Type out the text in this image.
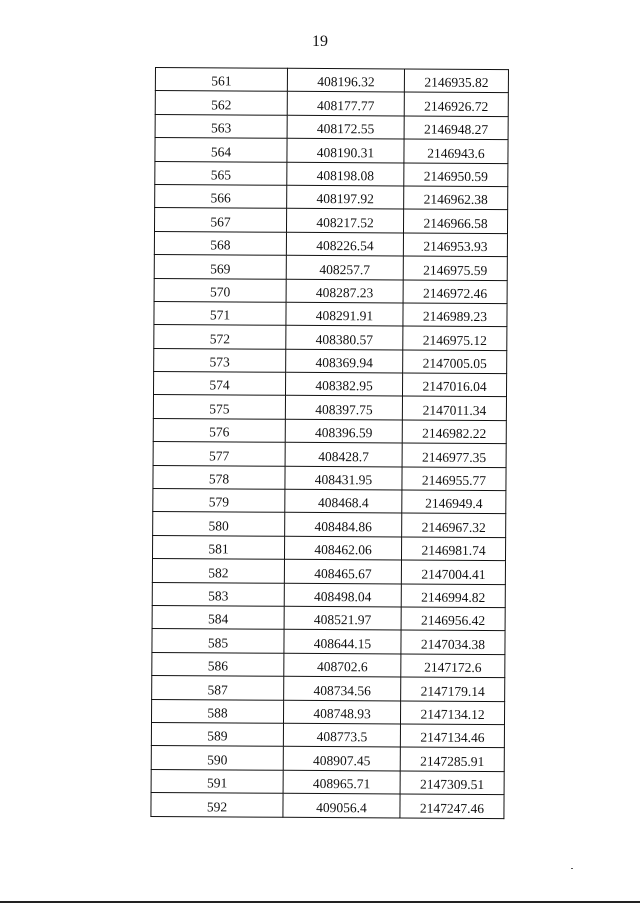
19
561	408196.32	2146935.82
562	408177.77	2146926.72
563	408172.55	2146948.27
564	408190.31	2146943.6
565	408198.08	2146950.59
566	408197.92	2146962.38
567	408217.52	2146966.58
568	408226.54	2146953.93
569	408257.7	2146975.59
570	408287.23	2146972.46
571	408291.91	2146989.23
572	408380.57	2146975.12
573	408369.94	2147005.05
574	408382.95	2147016.04
575	408397.75	2147011.34
576	408396.59	2146982.22
577	408428.7	2146977.35
578	408431.95	2146955.77
579	408468.4	2146949.4
580	408484.86	2146967.32
581	408462.06	2146981.74
582	408465.67	2147004.41
583	408498.04	2146994.82
584	408521.97	2146956.42
585	408644.15	2147034.38
586	408702.6	2147172.6
587	408734.56	2147179.14
588	408748.93	2147134.12
589	408773.5	2147134.46
590	408907.45	2147285.91
591	408965.71	2147309.51
592	409056.4	2147247.46
